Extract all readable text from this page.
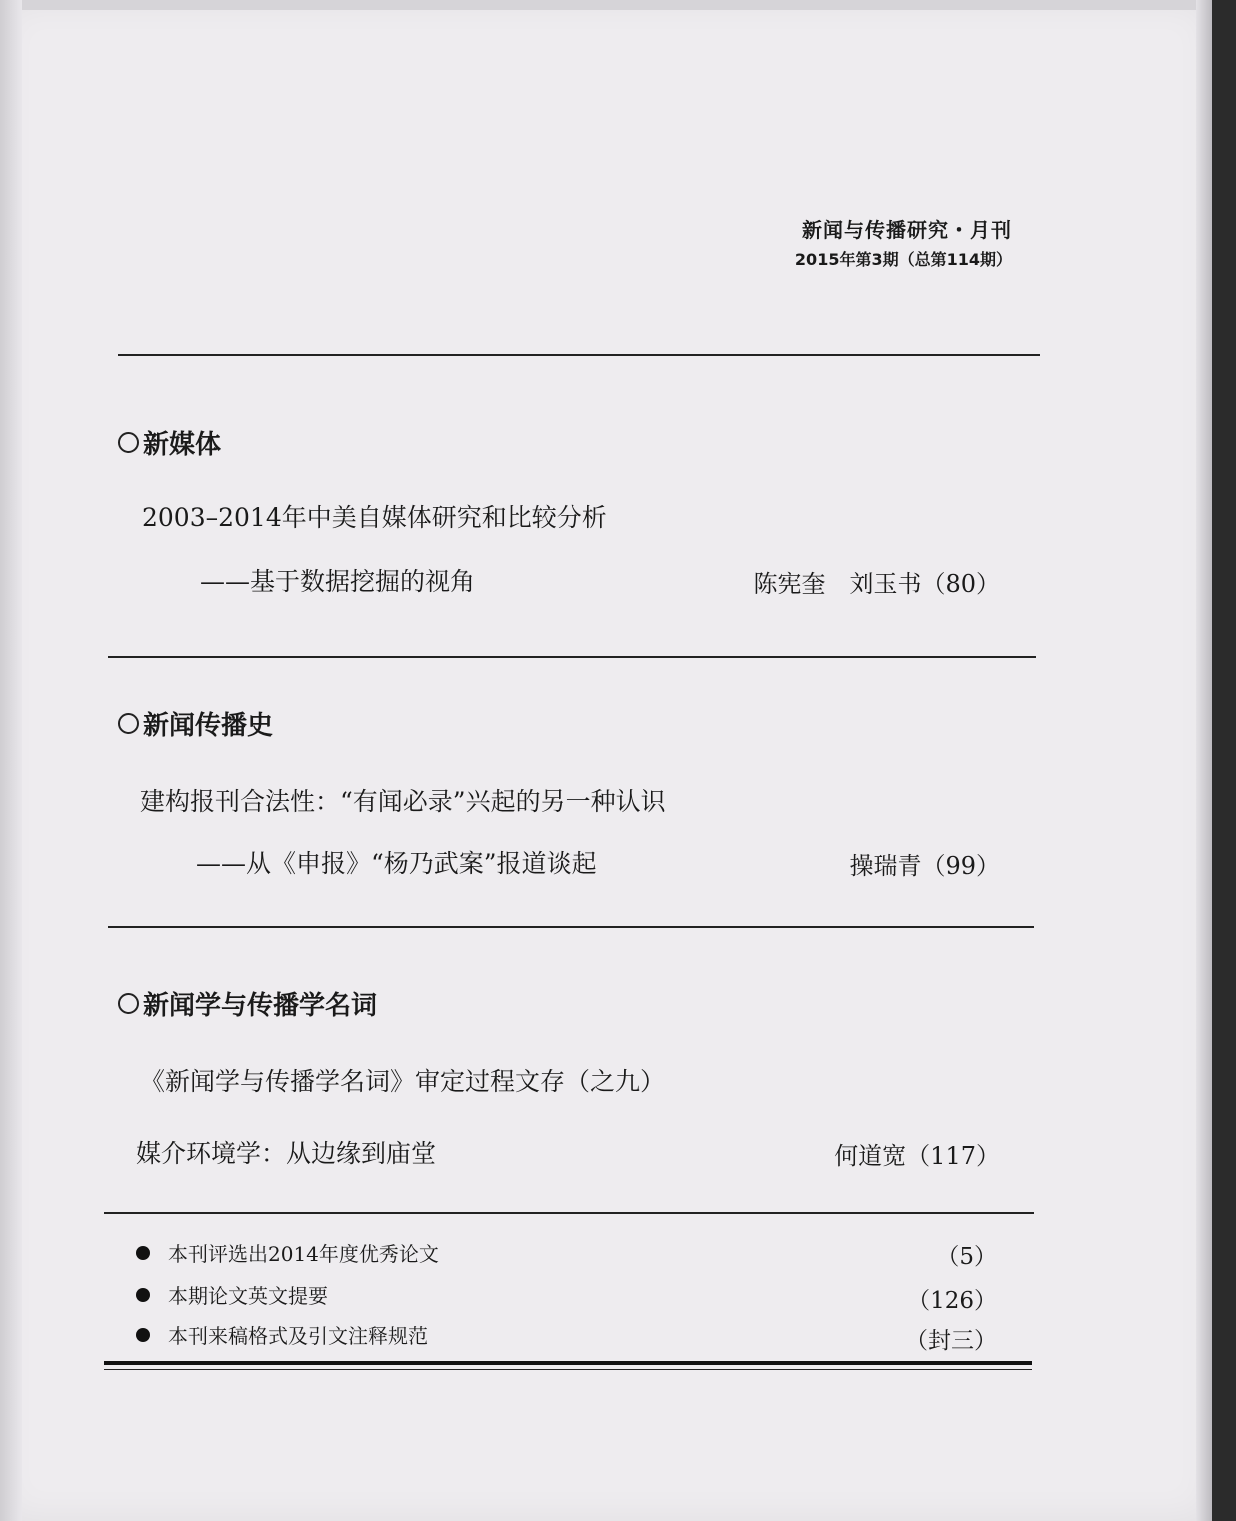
新闻与传播研究・月刊
2015年第3期（总第114期）
新媒体
2003–2014年中美自媒体研究和比较分析
——基于数据挖掘的视角	陈宪奎　刘玉书（80）
新闻传播史
建构报刊合法性：“有闻必录”兴起的另一种认识
——从《申报》“杨乃武案”报道谈起	操瑞青（99）
新闻学与传播学名词
《新闻学与传播学名词》审定过程文存（之九）
媒介环境学：从边缘到庙堂	何道宽（117）
本刊评选出2014年度优秀论文	（5）
本期论文英文提要	（126）
本刊来稿格式及引文注释规范	（封三）
